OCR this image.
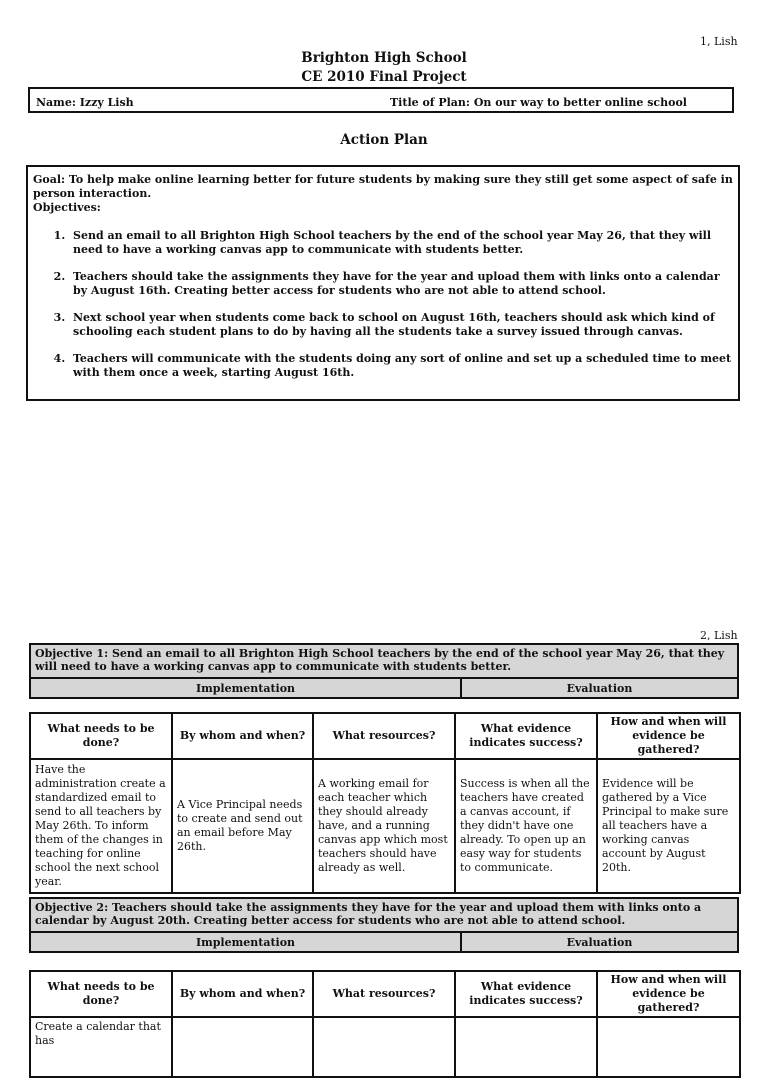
1, Lish
Brighton High School
CE 2010 Final Project
Name: Izzy Lish	Title of Plan: On our way to better online school
Action Plan
Goal: To help make online learning better for future students by making sure they still get some aspect of safe in person interaction.
Objectives:
1. Send an email to all Brighton High School teachers by the end of the school year May 26, that they will need to have a working canvas app to communicate with students better.
2. Teachers should take the assignments they have for the year and upload them with links onto a calendar by August 16th. Creating better access for students who are not able to attend school.
3. Next school year when students come back to school on August 16th, teachers should ask which kind of schooling each student plans to do by having all the students take a survey issued through canvas.
4. Teachers will communicate with the students doing any sort of online and set up a scheduled time to meet with them once a week, starting August 16th.
2, Lish
Objective 1: Send an email to all Brighton High School teachers by the end of the school year May 26, that they will need to have a working canvas app to communicate with students better.
Implementation	Evaluation
What needs to be done?	By whom and when?	What resources?	What evidence indicates success?	How and when will evidence be gathered?
Have the administration create a standardized email to send to all teachers by May 26th. To inform them of the changes in teaching for online school the next school year.	A Vice Principal needs to create and send out an email before May 26th.	A working email for each teacher which they should already have, and a running canvas app which most teachers should have already as well.	Success is when all the teachers have created a canvas account, if they didn't have one already. To open up an easy way for students to communicate.	Evidence will be gathered by a Vice Principal to make sure all teachers have a working canvas account by August 20th.
Objective 2: Teachers should take the assignments they have for the year and upload them with links onto a calendar by August 20th. Creating better access for students who are not able to attend school.
Implementation	Evaluation
What needs to be done?	By whom and when?	What resources?	What evidence indicates success?	How and when will evidence be gathered?
Create a calendar that has				
